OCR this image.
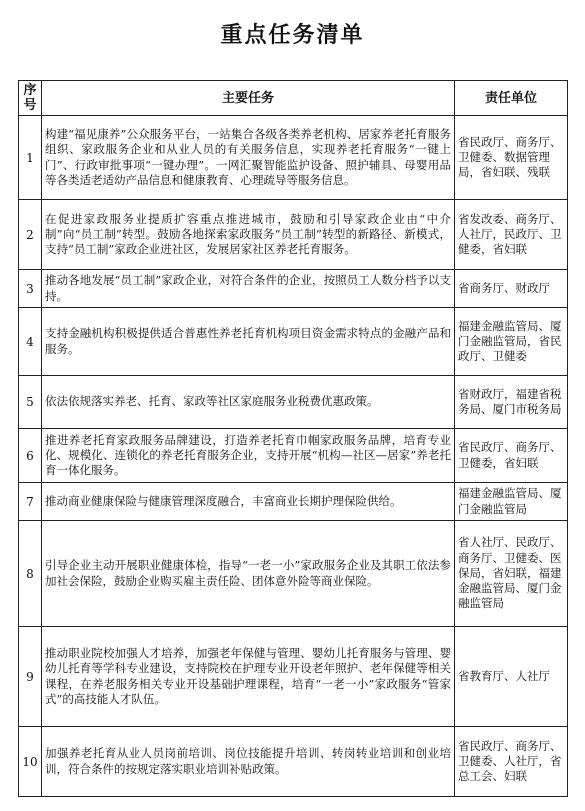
重点任务清单
序号	主要任务	责任单位
1	构建“福见康养”公众服务平台，一站集合各级各类养老机构、居家养老托育服务组织、家政服务企业和从业人员的有关服务信息，实现养老托育服务“一键上门”、行政审批事项“一键办理”。一网汇聚智能监护设备、照护辅具、母婴用品等各类适老适幼产品信息和健康教育、心理疏导等服务信息。	省民政厅、商务厅、卫健委、数据管理局，省妇联、残联
2	在促进家政服务业提质扩容重点推进城市，鼓励和引导家政企业由“中介制”向“员工制”转型。鼓励各地探索家政服务“员工制”转型的新路径、新模式，支持“员工制”家政企业进社区，发展居家社区养老托育服务。	省发改委、商务厅、人社厅，民政厅、卫健委，省妇联
3	推动各地发展“员工制”家政企业，对符合条件的企业，按照员工人数分档予以支持。	省商务厅、财政厅
4	支持金融机构积极提供适合普惠性养老托育机构项目资金需求特点的金融产品和服务。	福建金融监管局、厦门金融监管局，省民政厅、卫健委
5	依法依规落实养老、托育、家政等社区家庭服务业税费优惠政策。	省财政厅，福建省税务局、厦门市税务局
6	推进养老托育家政服务品牌建设，打造养老托育巾帼家政服务品牌，培育专业化、规模化、连锁化的养老托育服务企业，支持开展“机构—社区—居家”养老托育一体化服务。	省民政厅、商务厅、卫健委，省妇联
7	推动商业健康保险与健康管理深度融合，丰富商业长期护理保险供给。	福建金融监管局、厦门金融监管局
8	引导企业主动开展职业健康体检，指导“一老一小”家政服务企业及其职工依法参加社会保险，鼓励企业购买雇主责任险、团体意外险等商业保险。	省人社厅、民政厅、商务厅、卫健委、医保局，省妇联，福建金融监管局、厦门金融监管局
9	推动职业院校加强人才培养，加强老年保健与管理、婴幼儿托育服务与管理、婴幼儿托育等学科专业建设，支持院校在护理专业开设老年照护、老年保健等相关课程，在养老服务相关专业开设基础护理课程，培育“一老一小”家政服务“管家式”的高技能人才队伍。	省教育厅、人社厅
10	加强养老托育从业人员岗前培训、岗位技能提升培训、转岗转业培训和创业培训，符合条件的按规定落实职业培训补贴政策。	省民政厅、商务厅、卫健委、人社厅，省总工会、妇联
